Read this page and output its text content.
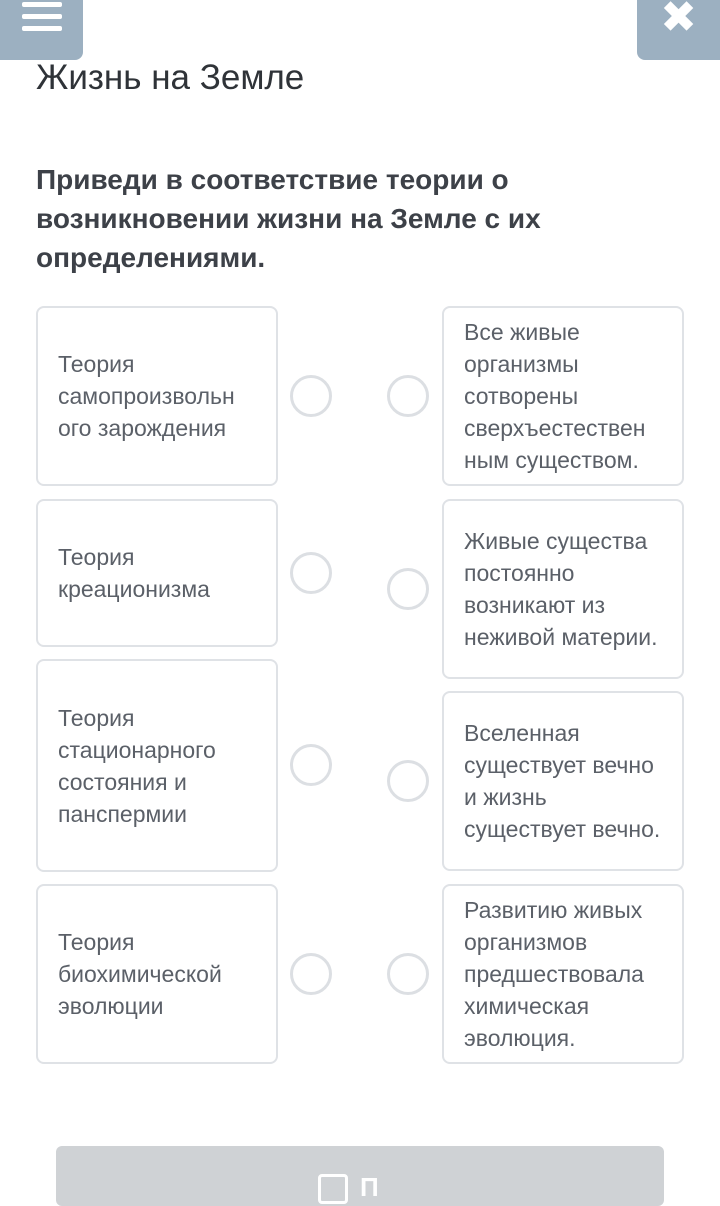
✖
Жизнь на Земле
Приведи в соответствие теории о возникновении жизни на Земле с их определениями.
Теория самопроизвольн ого зарождения
Теория креационизма
Теория стационарного состояния и панспермии
Теория биохимической эволюции
Все живые организмы сотворены сверхъестествен ным существом.
Живые существа постоянно возникают из неживой материи.
Вселенная существует вечно и жизнь существует вечно.
Развитию живых организмов предшествовала химическая эволюция.
П
